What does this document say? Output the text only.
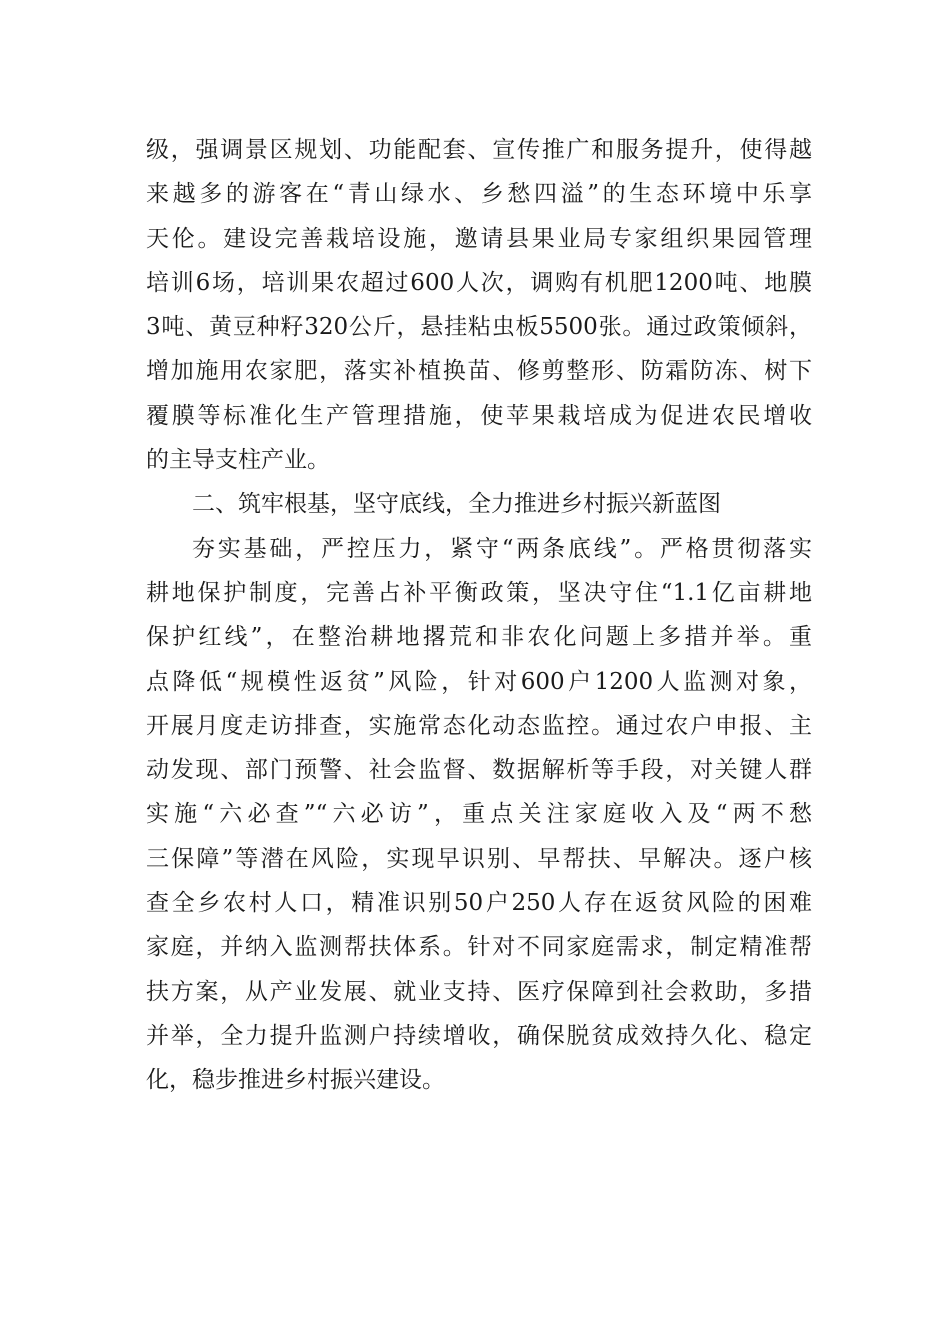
级，强调景区规划、功能配套、宣传推广和服务提升，使得越
来越多的游客在“青山绿水、乡愁四溢”的生态环境中乐享
天伦。建设完善栽培设施，邀请县果业局专家组织果园管理
培训6场，培训果农超过600人次，调购有机肥1200吨、地膜
3吨、黄豆种籽320公斤，悬挂粘虫板5500张。通过政策倾斜，
增加施用农家肥，落实补植换苗、修剪整形、防霜防冻、树下
覆膜等标准化生产管理措施，使苹果栽培成为促进农民增收
的主导支柱产业。
二、筑牢根基，坚守底线，全力推进乡村振兴新蓝图
夯实基础，严控压力，紧守“两条底线”。严格贯彻落实
耕地保护制度，完善占补平衡政策，坚决守住“1.1亿亩耕地
保护红线”，在整治耕地撂荒和非农化问题上多措并举。重
点降低“规模性返贫”风险，针对600户1200人监测对象，
开展月度走访排查，实施常态化动态监控。通过农户申报、主
动发现、部门预警、社会监督、数据解析等手段，对关键人群
实施“六必查”“六必访”，重点关注家庭收入及“两不愁
三保障”等潜在风险，实现早识别、早帮扶、早解决。逐户核
查全乡农村人口，精准识别50户250人存在返贫风险的困难
家庭，并纳入监测帮扶体系。针对不同家庭需求，制定精准帮
扶方案，从产业发展、就业支持、医疗保障到社会救助，多措
并举，全力提升监测户持续增收，确保脱贫成效持久化、稳定
化，稳步推进乡村振兴建设。
